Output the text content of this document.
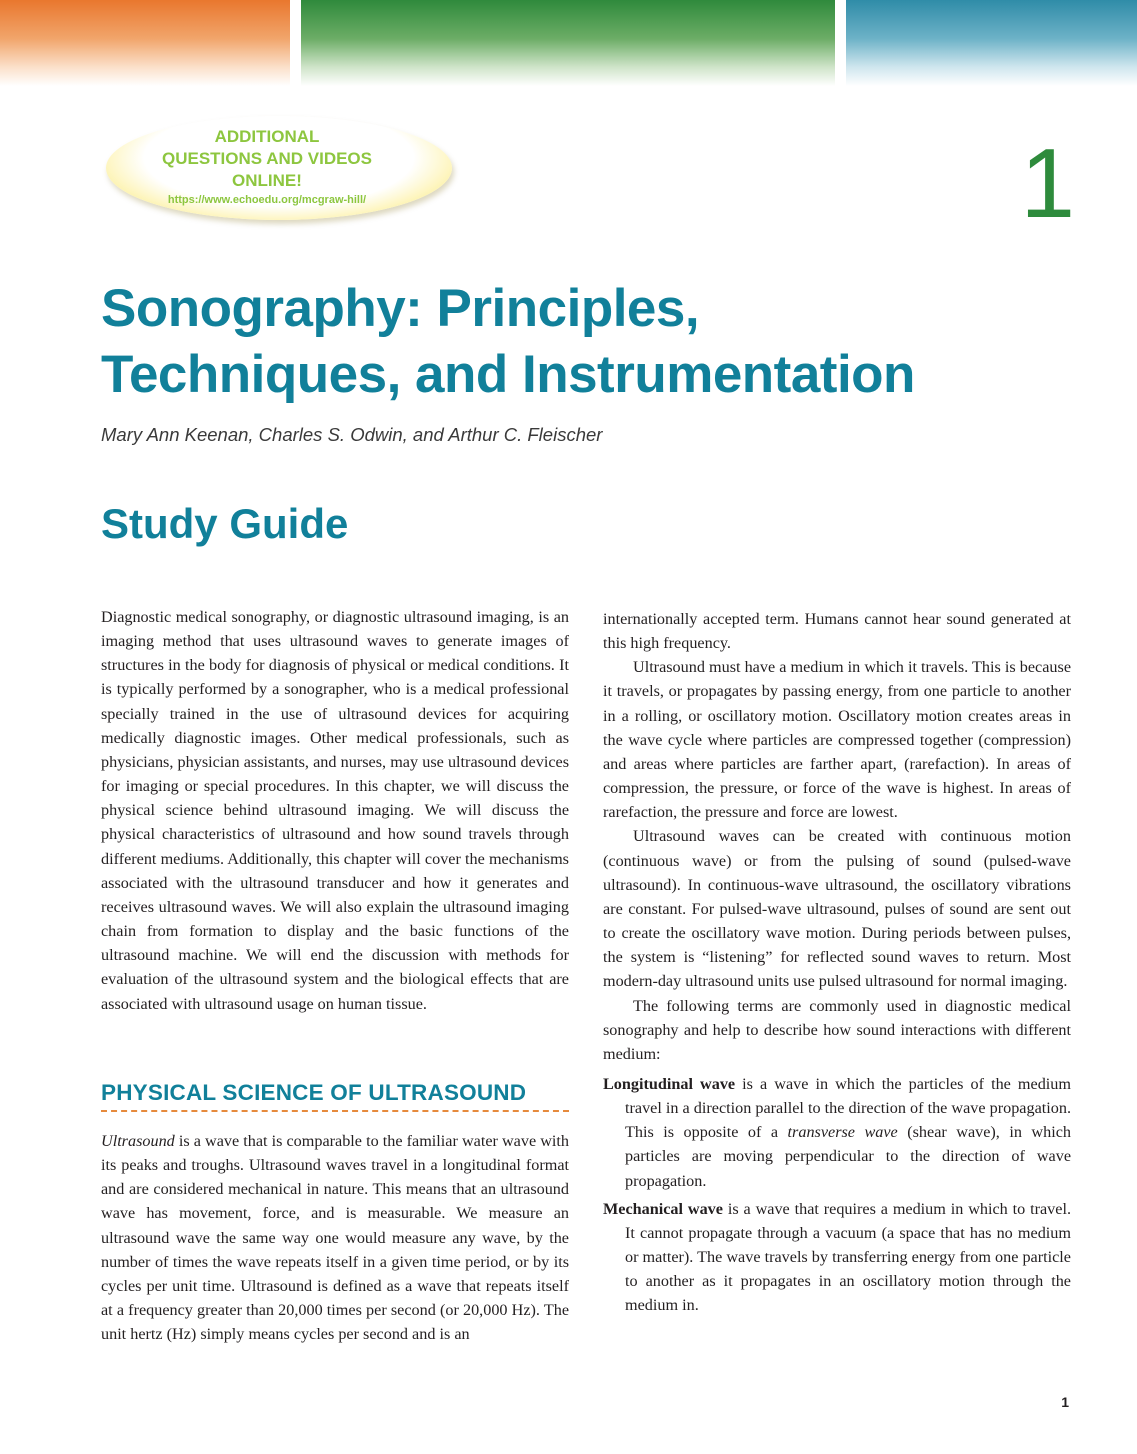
ADDITIONAL
QUESTIONS AND VIDEOS
ONLINE!
https://www.echoedu.org/mcgraw-hill/	1
Sonography: Principles,
Techniques, and Instrumentation
Mary Ann Keenan, Charles S. Odwin, and Arthur C. Fleischer
Study Guide

Diagnostic medical sonography, or diagnostic ultrasound imaging, is an imaging method that uses ultrasound waves to generate images of structures in the body for diagnosis of physical or medical conditions. It is typically performed by a sonographer, who is a medical professional specially trained in the use of ultrasound devices for acquiring medically diagnostic images. Other medical professionals, such as physicians, physician assistants, and nurses, may use ultrasound devices for imaging or special procedures. In this chapter, we will discuss the physical science behind ultrasound imaging. We will discuss the physical characteristics of ultrasound and how sound travels through different mediums. Additionally, this chapter will cover the mechanisms associated with the ultrasound transducer and how it generates and receives ultrasound waves. We will also explain the ultrasound imaging chain from formation to display and the basic functions of the ultrasound machine. We will end the discussion with methods for evaluation of the ultrasound system and the biological effects that are associated with ultrasound usage on human tissue.

PHYSICAL SCIENCE OF ULTRASOUND

Ultrasound is a wave that is comparable to the familiar water wave with its peaks and troughs. Ultrasound waves travel in a longitudinal format and are considered mechanical in nature. This means that an ultrasound wave has movement, force, and is measurable. We measure an ultrasound wave the same way one would measure any wave, by the number of times the wave repeats itself in a given time period, or by its cycles per unit time. Ultrasound is defined as a wave that repeats itself at a frequency greater than 20,000 times per second (or 20,000 Hz). The unit hertz (Hz) simply means cycles per second and is an

internationally accepted term. Humans cannot hear sound generated at this high frequency.

Ultrasound must have a medium in which it travels. This is because it travels, or propagates by passing energy, from one particle to another in a rolling, or oscillatory motion. Oscillatory motion creates areas in the wave cycle where particles are compressed together (compression) and areas where particles are farther apart, (rarefaction). In areas of compression, the pressure, or force of the wave is highest. In areas of rarefaction, the pressure and force are lowest.

Ultrasound waves can be created with continuous motion (continuous wave) or from the pulsing of sound (pulsed-wave ultrasound). In continuous-wave ultrasound, the oscillatory vibrations are constant. For pulsed-wave ultrasound, pulses of sound are sent out to create the oscillatory wave motion. During periods between pulses, the system is “listening” for reflected sound waves to return. Most modern-day ultrasound units use pulsed ultrasound for normal imaging.

The following terms are commonly used in diagnostic medical sonography and help to describe how sound interactions with different medium:

Longitudinal wave is a wave in which the particles of the medium travel in a direction parallel to the direction of the wave propagation. This is opposite of a transverse wave (shear wave), in which particles are moving perpendicular to the direction of wave propagation.

Mechanical wave is a wave that requires a medium in which to travel. It cannot propagate through a vacuum (a space that has no medium or matter). The wave travels by transferring energy from one particle to another as it propagates in an oscillatory motion through the medium in.

1
